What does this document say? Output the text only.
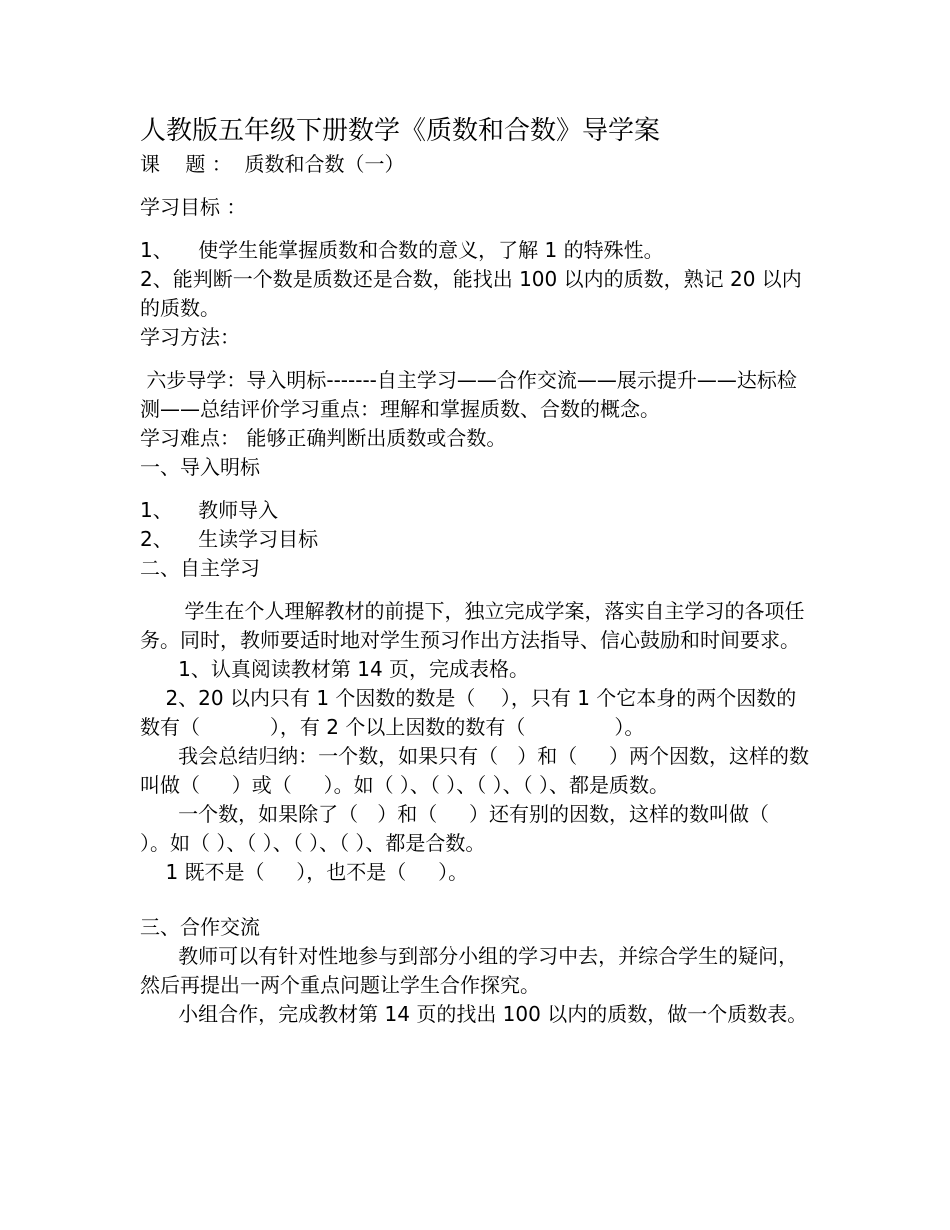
人教版五年级下册数学《质数和合数》导学案

课    题 ：  质数和合数（一）

学习目标 ：

1、    使学生能掌握质数和合数的意义，了解 1 的特殊性。

2、能判断一个数是质数还是合数，能找出 100 以内的质数，熟记 20 以内的质数。

学习方法：

六步导学：导入明标-------自主学习——合作交流——展示提升——达标检测——总结评价学习重点：理解和掌握质数、合数的概念。

学习难点： 能够正确判断出质数或合数。

一、导入明标

1、    教师导入

2、    生读学习目标

二、自主学习

学生在个人理解教材的前提下，独立完成学案，落实自主学习的各项任务。同时，教师要适时地对学生预习作出方法指导、信心鼓励和时间要求。

1、认真阅读教材第 14 页，完成表格。

2、20 以内只有 1 个因数的数是（    ），只有 1 个它本身的两个因数的数有（           ），有 2 个以上因数的数有（              ）。

我会总结归纳：一个数，如果只有（   ）和（     ）两个因数，这样的数叫做（     ）或（     ）。如（ ）、（ ）、（ ）、（ ）、都是质数。

一个数，如果除了（   ）和（     ）还有别的因数，这样的数叫做（    ）。如（ ）、（ ）、（ ）、（ ）、都是合数。

1 既不是（     ），也不是（     ）。

三、合作交流

教师可以有针对性地参与到部分小组的学习中去，并综合学生的疑问，然后再提出一两个重点问题让学生合作探究。

小组合作，完成教材第 14 页的找出 100 以内的质数，做一个质数表。
